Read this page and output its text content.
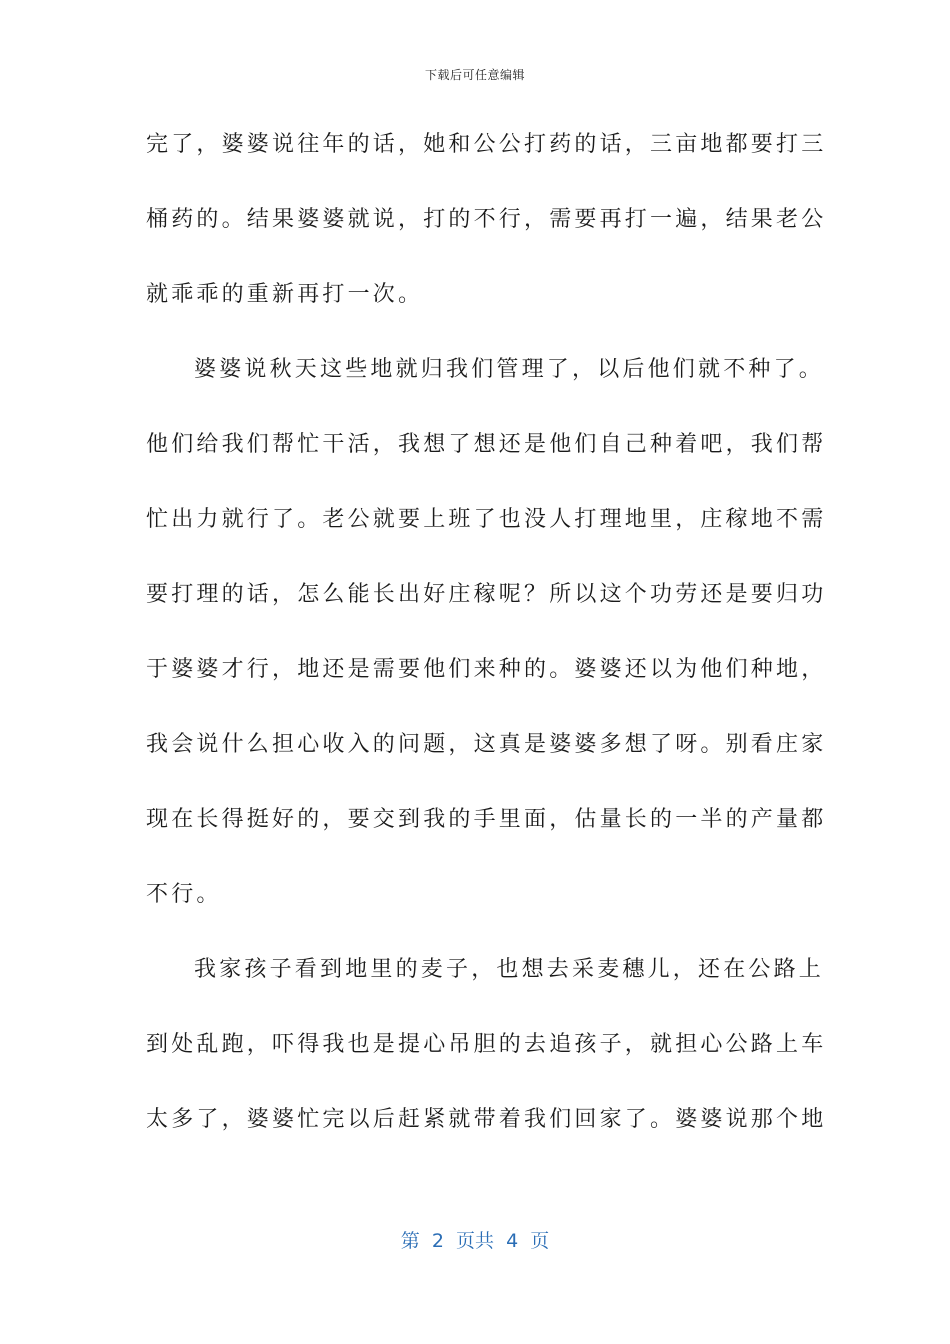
下载后可任意编辑
完了，婆婆说往年的话，她和公公打药的话，三亩地都要打三
桶药的。结果婆婆就说，打的不行，需要再打一遍，结果老公
就乖乖的重新再打一次。
婆婆说秋天这些地就归我们管理了，以后他们就不种了。
他们给我们帮忙干活，我想了想还是他们自己种着吧，我们帮
忙出力就行了。老公就要上班了也没人打理地里，庄稼地不需
要打理的话，怎么能长出好庄稼呢？所以这个功劳还是要归功
于婆婆才行，地还是需要他们来种的。婆婆还以为他们种地，
我会说什么担心收入的问题，这真是婆婆多想了呀。别看庄家
现在长得挺好的，要交到我的手里面，估量长的一半的产量都
不行。
我家孩子看到地里的麦子，也想去采麦穗儿，还在公路上
到处乱跑，吓得我也是提心吊胆的去追孩子，就担心公路上车
太多了，婆婆忙完以后赶紧就带着我们回家了。婆婆说那个地
第  2  页共  4  页
